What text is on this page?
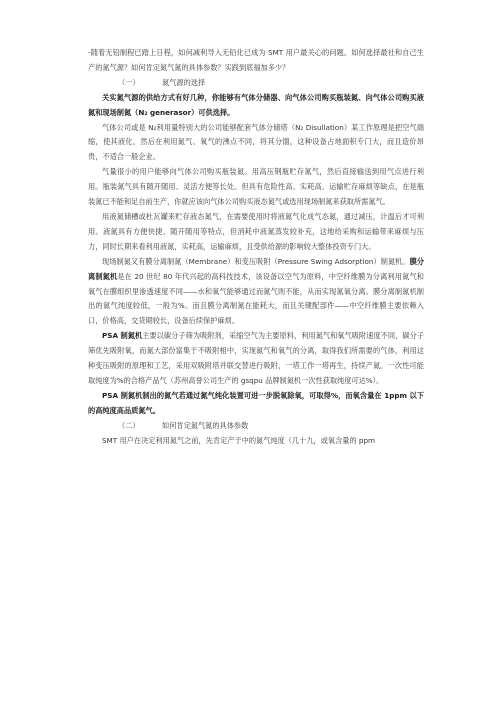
-随着无铅制程已踏上日程，如何减利导入无铅化已成为 SMT 用户最关心的问题。如何选择最社和自己生产的氮气源？如何肯定氮气氮的具体参数？实践到底福加多少？

（一）	氮气源的选择

关实氮气源的供给方式有好几种，你能够有气体分储器、向气体公司购买瓶装氮、向气体公司购买液氮和现场制氮（N₂ generasor）可供选择。

气体公司或是 N₂利用量特别大的公司能够配套气体分储塔（N₂ Disullation）某工作原理是把空气端缩，使其液化，然后在利用氮气、氧气的沸点不同，将其分馏，这种设备占地面积专门大，而且造价昂贵，不适合一般企业。

气量很小的用户能够向气体公司购买瓶装氮。用高压钢瓶贮存氮气，然后直接输送到用气点进行利用。瓶装氮气具有随开随用、灵活方便等长处。但具有危险性高、实耗高、运输贮存麻烦等缺点，在是瓶装氮已不能和足自前生产，你就应该向气体公司购买液态氮气或选用现场制氮来获取所需氮气。

用液氮储槽或杜瓦罐来贮存液态氮气，在需要使用时将液氮气化成气态氮，通过减压，计温后才可利用。液氮具有方便快捷、随开随用等特点，但消耗中液氮蒸发较补充，这地给采购和运输带来麻烦与压力，同时长期来看利用液氮，实耗高，运输麻烦，且受供给源的影响较大整体投资专门大。

现场制氮又有膜分离制氮（Membrane）和变压吸附（Pressure Swing Adsorption）制氮机。膜分离制氮机是在 20 世纪 80 年代兴起的高科技技术，该设备以空气为原料，中空纤维膜为分离利用氮气和氧气在膜组织里渗透速度不同——水和氧气能够通过而氮气则不能，从而实现氮氧分离。膜分离制氮机制出的氮气纯度较低，一般为%。而且膜分离制氮在能耗大，而且关键配部件——中空纤维膜主要依赖入口，价格高，交货期较长，设备后续保护麻烦。

PSA 制氮机主要以碳分子筛为吸附剂，采缩空气为主要原料，利用氮气和氧气吸附速度不同，碳分子筛优先吸附氧，而氮大部份富集于不吸附相中，实现氮气和氧气的分离，取得我们所需要的气体，利用这种变压吸附的原理和工艺，采用双吸附塔并联交替进行吸附，一塔工作一塔再生，持续产氮。一次性可能取纯度为%的合格产品气（苏州高誉公司生产的 gsqpu 品牌制氮机一次性获取纯度可达%）。

PSA 制氮机制出的氮气若通过氮气纯化装置可进一步脱氧除氧，可取得%，而氧含量在 1ppm 以下的高纯度高品质氮气。

（二）	如何肯定氮气氮的具体参数

SMT 用户在决定利用氮气之前，先肯定产于中的氮气纯度（几十九，或氧含量的 ppm
